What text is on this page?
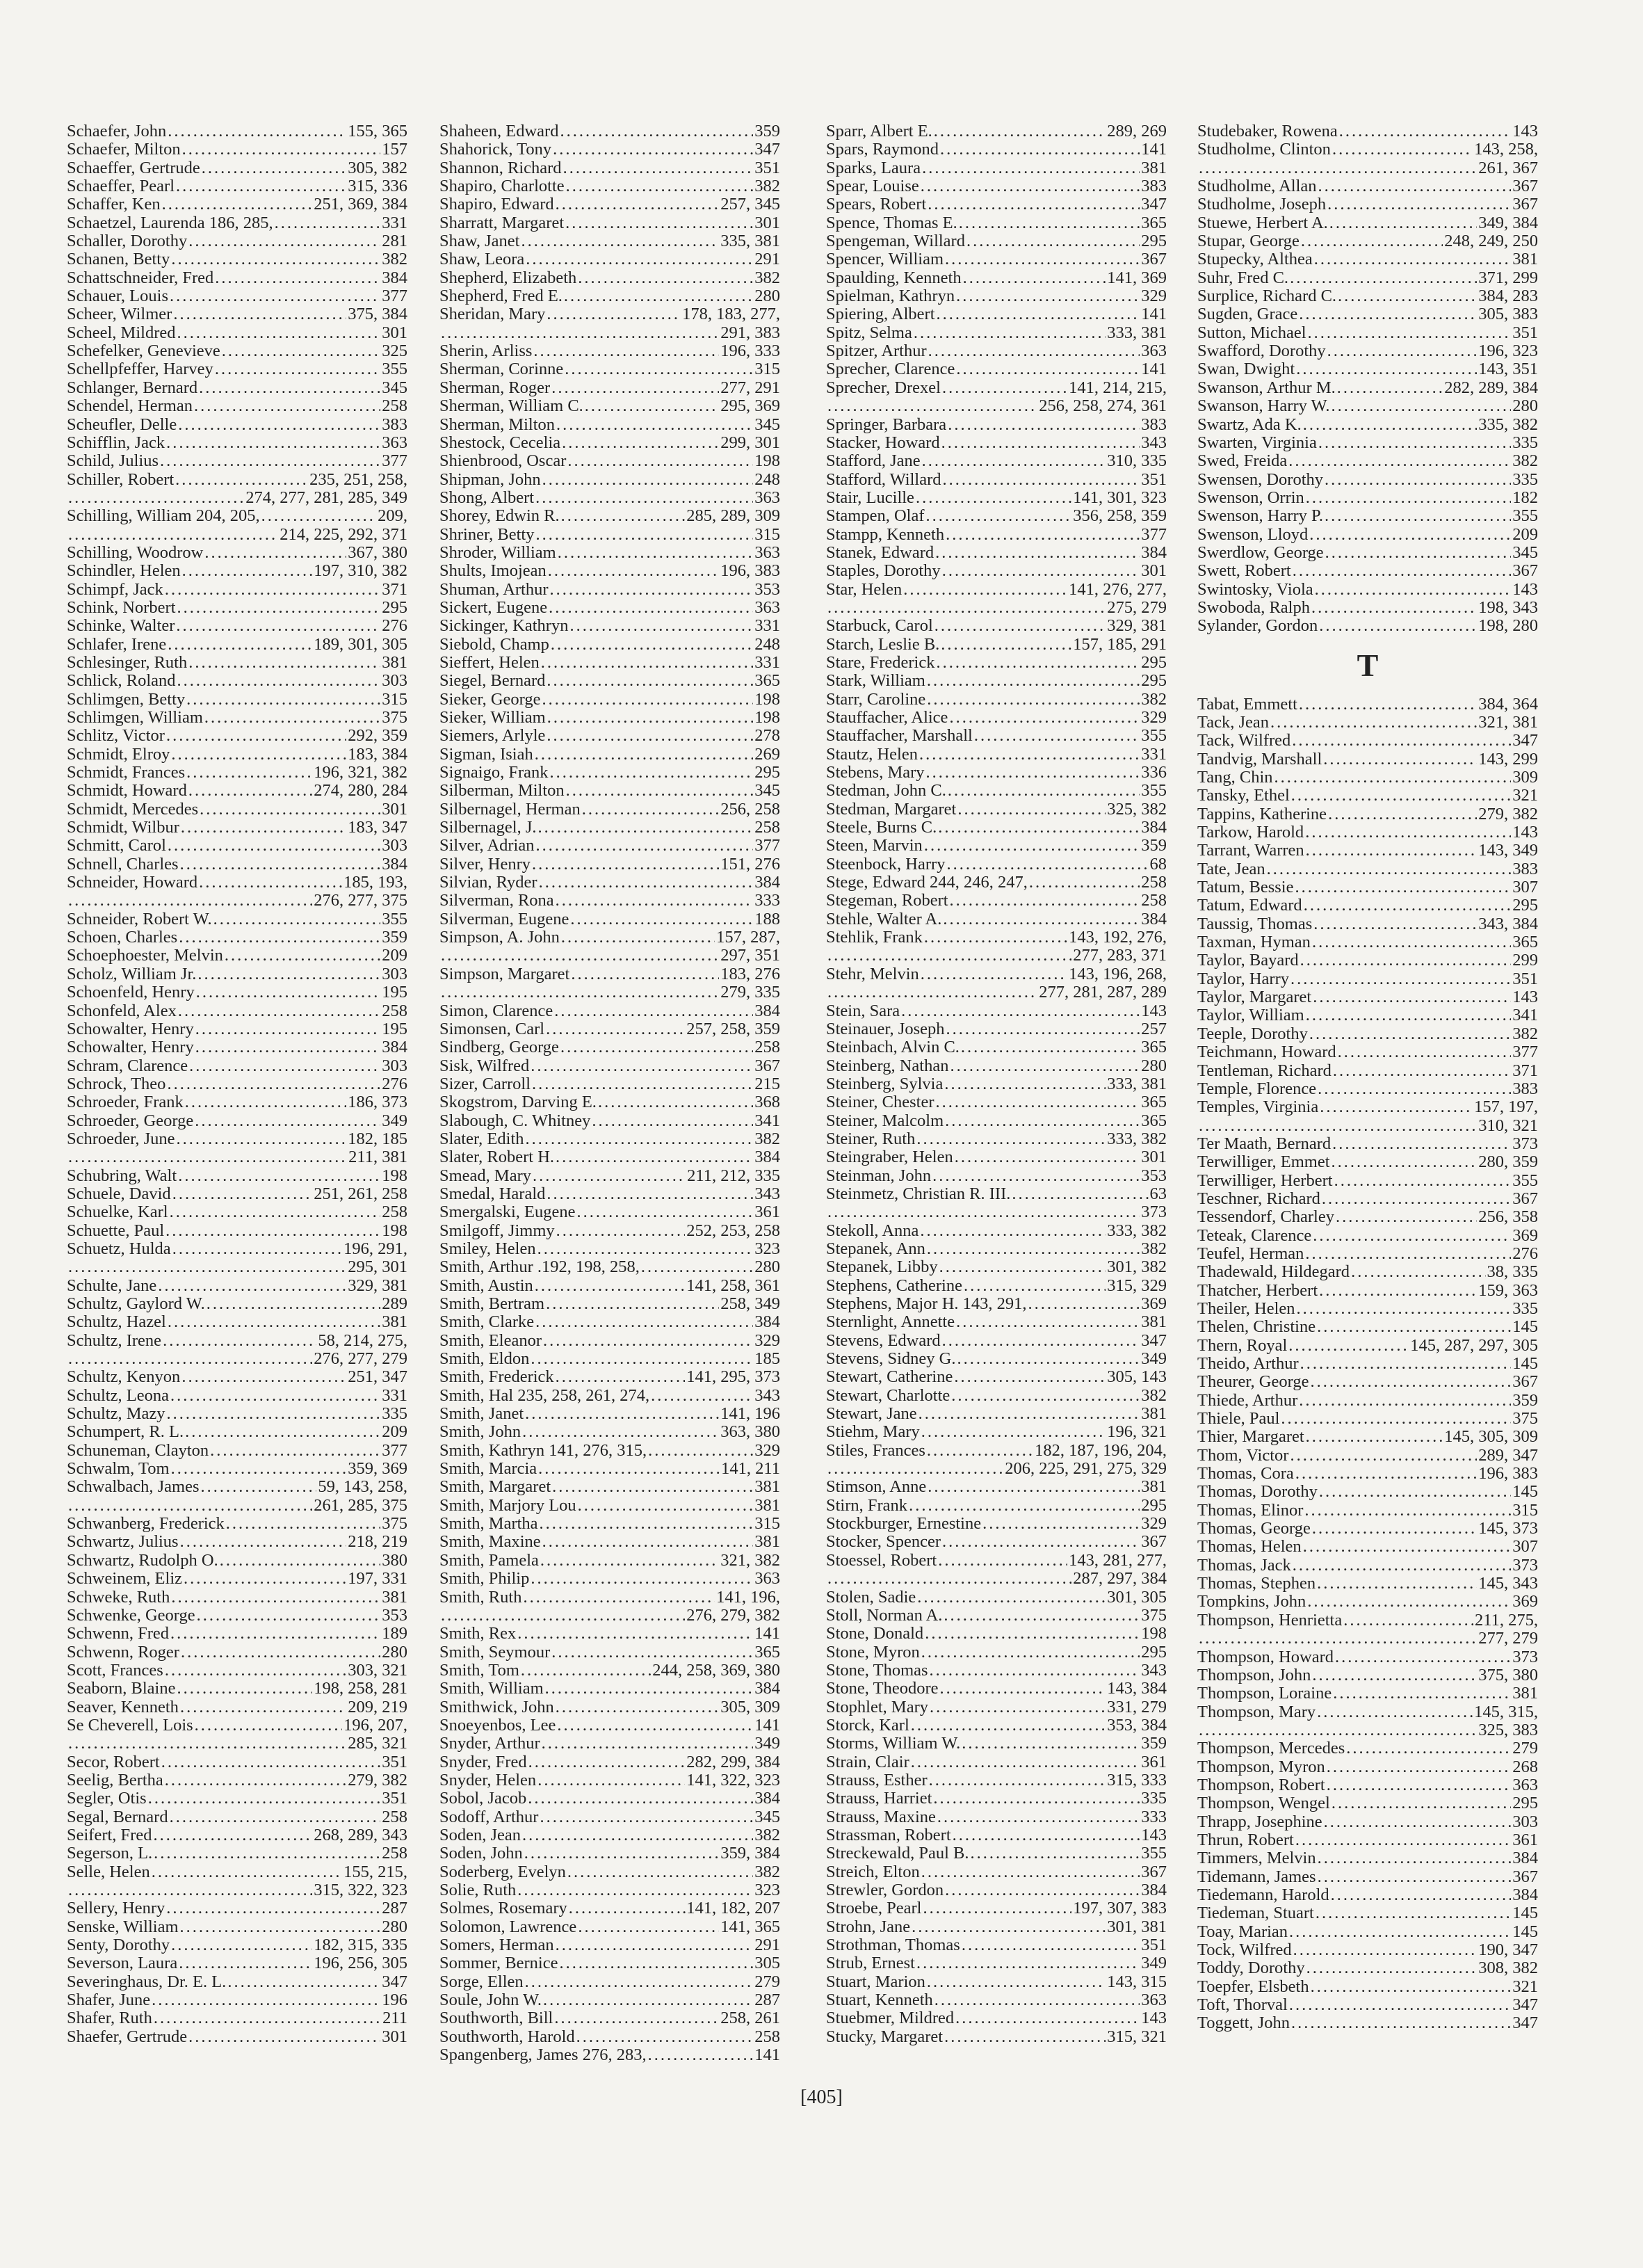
Schaefer, John .....	155, 365
Schaefer, Milton .....	157
Schaeffer, Gertrude .....	305, 382
Schaeffer, Pearl .....	315, 336
Schaffer, Ken .....	251, 369, 384
Schaetzel, Laurenda 186, 285, .....	331
Schaller, Dorothy .....	281
Schanen, Betty .....	382
Schattschneider, Fred .....	384
Schauer, Louis .....	377
Scheer, Wilmer .....	375, 384
Scheel, Mildred .....	301
Schefelker, Genevieve .....	325
Schellpfeffer, Harvey .....	355
Schlanger, Bernard .....	345
Schendel, Herman .....	258
Scheufler, Delle .....	383
Schifflin, Jack .....	363
Schild, Julius .....	377
Schiller, Robert .....	235, 251, 258,
.....
274, 277, 281, 285, 349
Schilling, William 204, 205, .....	209,
.....
214, 225, 292, 371
Schilling, Woodrow .....	367, 380
Schindler, Helen .....	197, 310, 382
Schimpf, Jack .....	371
Schink, Norbert .....	295
Schinke, Walter .....	276
Schlafer, Irene .....	189, 301, 305
Schlesinger, Ruth .....	381
Schlick, Roland .....	303
Schlimgen, Betty .....	315
Schlimgen, William .....	375
Schlitz, Victor .....	292, 359
Schmidt, Elroy .....	183, 384
Schmidt, Frances .....	196, 321, 382
Schmidt, Howard .....	274, 280, 284
Schmidt, Mercedes .....	301
Schmidt, Wilbur .....	183, 347
Schmitt, Carol .....	303
Schnell, Charles .....	384
Schneider, Howard .....	185, 193,
.....
276, 277, 375
Schneider, Robert W. .....	355
Schoen, Charles .....	359
Schoephoester, Melvin .....	209
Scholz, William Jr. .....	303
Schoenfeld, Henry .....	195
Schonfeld, Alex .....	258
Schowalter, Henry .....	195
Schowalter, Henry .....	384
Schram, Clarence .....	303
Schrock, Theo .....	276
Schroeder, Frank .....	186, 373
Schroeder, George .....	349
Schroeder, June .....	182, 185
.....
211, 381
Schubring, Walt .....	198
Schuele, David .....	251, 261, 258
Schuelke, Karl .....	258
Schuette, Paul .....	198
Schuetz, Hulda .....	196, 291,
.....
295, 301
Schulte, Jane .....	329, 381
Schultz, Gaylord W. .....	289
Schultz, Hazel .....	381
Schultz, Irene .....	58, 214, 275,
.....
276, 277, 279
Schultz, Kenyon .....	251, 347
Schultz, Leona .....	331
Schultz, Mazy .....	335
Schumpert, R. L. .....	209
Schuneman, Clayton .....	377
Schwalm, Tom .....	359, 369
Schwalbach, James .....	59, 143, 258,
.....
261, 285, 375
Schwanberg, Frederick .....	375
Schwartz, Julius .....	218, 219
Schwartz, Rudolph O. .....	380
Schweinem, Eliz .....	197, 331
Schweke, Ruth .....	381
Schwenke, George .....	353
Schwenn, Fred .....	189
Schwenn, Roger .....	280
Scott, Frances .....	303, 321
Seaborn, Blaine .....	198, 258, 281
Seaver, Kenneth .....	209, 219
Se Cheverell, Lois .....	196, 207,
.....
285, 321
Secor, Robert .....	351
Seelig, Bertha .....	279, 382
Segler, Otis .....	351
Segal, Bernard .....	258
Seifert, Fred .....	268, 289, 343
Segerson, L. .....	258
Selle, Helen .....	155, 215,
.....
315, 322, 323
Sellery, Henry .....	287
Senske, William .....	280
Senty, Dorothy .....	182, 315, 335
Severson, Laura .....	196, 256, 305
Severinghaus, Dr. E. L. .....	347
Shafer, June .....	196
Shafer, Ruth .....	211
Shaefer, Gertrude .....	301
Shaheen, Edward .....	359
Shahorick, Tony .....	347
Shannon, Richard .....	351
Shapiro, Charlotte .....	382
Shapiro, Edward .....	257, 345
Sharratt, Margaret .....	301
Shaw, Janet .....	335, 381
Shaw, Leora .....	291
Shepherd, Elizabeth .....	382
Shepherd, Fred E. .....	280
Sheridan, Mary .....	178, 183, 277,
.....
291, 383
Sherin, Arliss .....	196, 333
Sherman, Corinne .....	315
Sherman, Roger .....	277, 291
Sherman, William C. .....	295, 369
Sherman, Milton .....	345
Shestock, Cecelia .....	299, 301
Shienbrood, Oscar .....	198
Shipman, John .....	248
Shong, Albert .....	363
Shorey, Edwin R. .....	285, 289, 309
Shriner, Betty .....	315
Shroder, William .....	363
Shults, Imojean .....	196, 383
Shuman, Arthur .....	353
Sickert, Eugene .....	363
Sickinger, Kathryn .....	331
Siebold, Champ .....	248
Sieffert, Helen .....	331
Siegel, Bernard .....	365
Sieker, George .....	198
Sieker, William .....	198
Siemers, Arlyle .....	278
Sigman, Isiah .....	269
Signaigo, Frank .....	295
Silberman, Milton .....	345
Silbernagel, Herman .....	256, 258
Silbernagel, J. .....	258
Silver, Adrian .....	377
Silver, Henry .....	151, 276
Silvian, Ryder .....	384
Silverman, Rona .....	333
Silverman, Eugene .....	188
Simpson, A. John .....	157, 287,
.....
297, 351
Simpson, Margaret .....	183, 276
.....
279, 335
Simon, Clarence .....	384
Simonsen, Carl .....	257, 258, 359
Sindberg, George .....	258
Sisk, Wilfred .....	367
Sizer, Carroll .....	215
Skogstrom, Darving E. .....	368
Slabough, C. Whitney .....	341
Slater, Edith .....	382
Slater, Robert H. .....	384
Smead, Mary .....	211, 212, 335
Smedal, Harald .....	343
Smergalski, Eugene .....	361
Smilgoff, Jimmy .....	252, 253, 258
Smiley, Helen .....	323
Smith, Arthur .192, 198, 258, .....	280
Smith, Austin .....	141, 258, 361
Smith, Bertram .....	258, 349
Smith, Clarke .....	384
Smith, Eleanor .....	329
Smith, Eldon .....	185
Smith, Frederick .....	141, 295, 373
Smith, Hal 235, 258, 261, 274, .....	343
Smith, Janet .....	141, 196
Smith, John .....	363, 380
Smith, Kathryn 141, 276, 315, .....	329
Smith, Marcia .....	141, 211
Smith, Margaret .....	381
Smith, Marjory Lou .....	381
Smith, Martha .....	315
Smith, Maxine .....	381
Smith, Pamela .....	321, 382
Smith, Philip .....	363
Smith, Ruth .....	141, 196,
.....
276, 279, 382
Smith, Rex .....	141
Smith, Seymour .....	365
Smith, Tom .....	244, 258, 369, 380
Smith, William .....	384
Smithwick, John .....	305, 309
Snoeyenbos, Lee .....	141
Snyder, Arthur .....	349
Snyder, Fred .....	282, 299, 384
Snyder, Helen .....	141, 322, 323
Sobol, Jacob .....	384
Sodoff, Arthur .....	345
Soden, Jean .....	382
Soden, John .....	359, 384
Soderberg, Evelyn .....	382
Solie, Ruth .....	323
Solmes, Rosemary .....	.141, 182, 207
Solomon, Lawrence .....	141, 365
Somers, Herman .....	291
Sommer, Bernice .....	305
Sorge, Ellen .....	279
Soule, John W. .....	287
Southworth, Bill .....	258, 261
Southworth, Harold .....	258
Spangenberg, James 276, 283, .....	141
Sparr, Albert E. .....	289, 269
Spars, Raymond .....	141
Sparks, Laura .....	381
Spear, Louise .....	383
Spears, Robert .....	347
Spence, Thomas E. .....	365
Spengeman, Willard .....	295
Spencer, William .....	367
Spaulding, Kenneth .....	141, 369
Spielman, Kathryn .....	329
Spiering, Albert .....	141
Spitz, Selma .....	333, 381
Spitzer, Arthur .....	363
Sprecher, Clarence .....	141
Sprecher, Drexel .....	141, 214, 215,
.....
256, 258, 274, 361
Springer, Barbara .....	383
Stacker, Howard .....	343
Stafford, Jane .....	310, 335
Stafford, Willard .....	351
Stair, Lucille .....	141, 301, 323
Stampen, Olaf .....	356, 258, 359
Stampp, Kenneth .....	377
Stanek, Edward .....	384
Staples, Dorothy .....	301
Star, Helen .....	141, 276, 277,
.....
275, 279
Starbuck, Carol .....	329, 381
Starch, Leslie B. .....	157, 185, 291
Stare, Frederick .....	295
Stark, William .....	295
Starr, Caroline .....	382
Stauffacher, Alice .....	329
Stauffacher, Marshall .....	355
Stautz, Helen .....	331
Stebens, Mary .....	336
Stedman, John C. .....	355
Stedman, Margaret .....	325, 382
Steele, Burns C. .....	384
Steen, Marvin .....	359
Steenbock, Harry .....	68
Stege, Edward 244, 246, 247, .....	258
Stegeman, Robert .....	258
Stehle, Walter A. .....	384
Stehlik, Frank .....	143, 192, 276,
.....
277, 283, 371
Stehr, Melvin .....	143, 196, 268,
.....
277, 281, 287, 289
Stein, Sara .....	143
Steinauer, Joseph .....	257
Steinbach, Alvin C. .....	365
Steinberg, Nathan .....	280
Steinberg, Sylvia .....	333, 381
Steiner, Chester .....	365
Steiner, Malcolm .....	365
Steiner, Ruth .....	333, 382
Steingraber, Helen .....	301
Steinman, John .....	353
Steinmetz, Christian R. III. .....	63
.....
373
Stekoll, Anna .....	333, 382
Stepanek, Ann .....	382
Stepanek, Libby .....	301, 382
Stephens, Catherine .....	315, 329
Stephens, Major H. 143, 291, .....	369
Sternlight, Annette .....	381
Stevens, Edward .....	347
Stevens, Sidney G. .....	349
Stewart, Catherine .....	305, 143
Stewart, Charlotte .....	382
Stewart, Jane .....	381
Stiehm, Mary .....	196, 321
Stiles, Frances .....	182, 187, 196, 204,
.....
206, 225, 291, 275, 329
Stimson, Anne .....	381
Stirn, Frank .....	295
Stockburger, Ernestine .....	329
Stocker, Spencer .....	367
Stoessel, Robert .....	143, 281, 277,
.....
287, 297, 384
Stolen, Sadie .....	301, 305
Stoll, Norman A. .....	375
Stone, Donald .....	198
Stone, Myron .....	295
Stone, Thomas .....	343
Stone, Theodore .....	143, 384
Stophlet, Mary .....	331, 279
Storck, Karl .....	353, 384
Storms, William W. .....	359
Strain, Clair .....	361
Strauss, Esther .....	315, 333
Strauss, Harriet .....	335
Strauss, Maxine .....	333
Strassman, Robert .....	143
Streckewald, Paul B. .....	355
Streich, Elton .....	367
Strewler, Gordon .....	384
Stroebe, Pearl .....	197, 307, 383
Strohn, Jane .....	301, 381
Strothman, Thomas .....	351
Strub, Ernest .....	349
Stuart, Marion .....	143, 315
Stuart, Kenneth .....	363
Stuebmer, Mildred .....	143
Stucky, Margaret .....	315, 321
Studebaker, Rowena .....	143
Studholme, Clinton .....	143, 258,
.....
261, 367
Studholme, Allan .....	367
Studholme, Joseph .....	367
Stuewe, Herbert A. .....	349, 384
Stupar, George .....	248, 249, 250
Stupecky, Althea .....	381
Suhr, Fred C. .....	371, 299
Surplice, Richard C. .....	384, 283
Sugden, Grace .....	305, 383
Sutton, Michael .....	351
Swafford, Dorothy .....	196, 323
Swan, Dwight .....	143, 351
Swanson, Arthur M. .....	282, 289, 384
Swanson, Harry W. .....	280
Swartz, Ada K. .....	335, 382
Swarten, Virginia .....	335
Swed, Freida .....	382
Swensen, Dorothy .....	335
Swenson, Orrin .....	182
Swenson, Harry P. .....	355
Swenson, Lloyd .....	209
Swerdlow, George .....	345
Swett, Robert .....	367
Swintosky, Viola .....	143
Swoboda, Ralph .....	198, 343
Sylander, Gordon .....	198, 280
T
Tabat, Emmett .....	384, 364
Tack, Jean .....	321, 381
Tack, Wilfred .....	347
Tandvig, Marshall .....	143, 299
Tang, Chin .....	309
Tansky, Ethel .....	321
Tappins, Katherine .....	279, 382
Tarkow, Harold .....	143
Tarrant, Warren .....	143, 349
Tate, Jean .....	383
Tatum, Bessie .....	307
Tatum, Edward .....	295
Taussig, Thomas .....	343, 384
Taxman, Hyman .....	365
Taylor, Bayard .....	299
Taylor, Harry .....	351
Taylor, Margaret .....	143
Taylor, William .....	341
Teeple, Dorothy .....	382
Teichmann, Howard .....	377
Tentleman, Richard .....	371
Temple, Florence .....	383
Temples, Virginia .....	157, 197,
.....
310, 321
Ter Maath, Bernard .....	373
Terwilliger, Emmet .....	280, 359
Terwilliger, Herbert .....	355
Teschner, Richard .....	367
Tessendorf, Charley .....	256, 358
Teteak, Clarence .....	369
Teufel, Herman .....	276
Thadewald, Hildegard .....	38, 335
Thatcher, Herbert .....	159, 363
Theiler, Helen .....	335
Thelen, Christine .....	145
Thern, Royal .....	145, 287, 297, 305
Theido, Arthur .....	145
Theurer, George .....	367
Thiede, Arthur .....	359
Thiele, Paul .....	375
Thier, Margaret .....	145, 305, 309
Thom, Victor .....	289, 347
Thomas, Cora .....	196, 383
Thomas, Dorothy .....	145
Thomas, Elinor .....	315
Thomas, George .....	145, 373
Thomas, Helen .....	307
Thomas, Jack .....	373
Thomas, Stephen .....	145, 343
Tompkins, John .....	369
Thompson, Henrietta .....	211, 275,
.....
277, 279
Thompson, Howard .....	373
Thompson, John .....	375, 380
Thompson, Loraine .....	381
Thompson, Mary .....	145, 315,
.....
325, 383
Thompson, Mercedes .....	279
Thompson, Myron .....	268
Thompson, Robert .....	363
Thompson, Wengel .....	295
Thrapp, Josephine .....	303
Thrun, Robert .....	361
Timmers, Melvin .....	384
Tidemann, James .....	367
Tiedemann, Harold .....	384
Tiedeman, Stuart .....	145
Toay, Marian .....	145
Tock, Wilfred .....	190, 347
Toddy, Dorothy .....	308, 382
Toepfer, Elsbeth .....	321
Toft, Thorval .....	347
Toggett, John .....	347
[405]
